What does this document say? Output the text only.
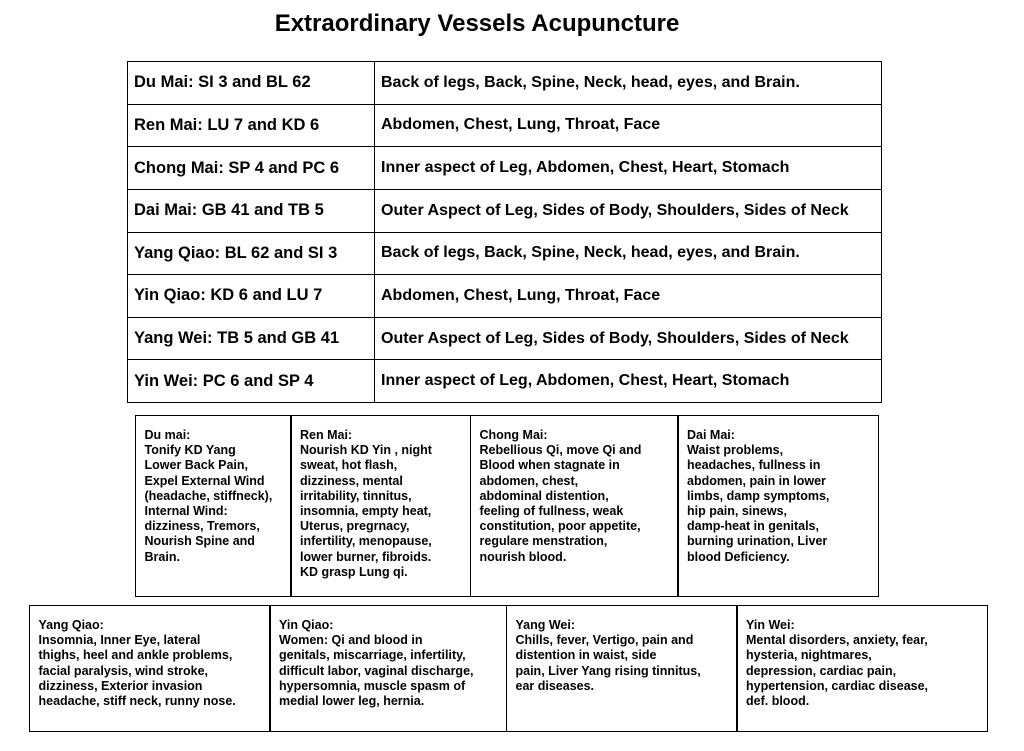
Extraordinary Vessels Acupuncture
Du Mai: SI 3 and BL 62	Back of legs, Back, Spine, Neck, head, eyes, and Brain.
Ren Mai: LU 7 and KD 6	Abdomen, Chest, Lung, Throat, Face
Chong Mai: SP 4 and PC 6	Inner aspect of Leg, Abdomen, Chest, Heart, Stomach
Dai Mai: GB 41 and TB 5	Outer Aspect of Leg, Sides of Body, Shoulders, Sides of Neck
Yang Qiao: BL 62 and SI 3	Back of legs, Back, Spine, Neck, head, eyes, and Brain.
Yin Qiao: KD 6 and LU 7	Abdomen, Chest, Lung, Throat, Face
Yang Wei: TB 5 and GB 41	Outer Aspect of Leg, Sides of Body, Shoulders, Sides of Neck
Yin Wei: PC 6 and SP 4	Inner aspect of Leg, Abdomen, Chest, Heart, Stomach
Du mai:
Tonify KD Yang
Lower Back Pain,
Expel External Wind
(headache, stiffneck),
Internal Wind:
dizziness, Tremors,
Nourish Spine and
Brain.
Ren Mai:
Nourish KD Yin , night
sweat, hot flash,
dizziness, mental
irritability, tinnitus,
insomnia, empty heat,
Uterus, pregrnacy,
infertility, menopause,
lower burner, fibroids.
KD grasp Lung qi.
Chong Mai:
Rebellious Qi, move Qi and
Blood when stagnate in
abdomen, chest,
abdominal distention,
feeling of fullness, weak
constitution, poor appetite,
regulare menstration,
nourish blood.
Dai Mai:
Waist problems,
headaches, fullness in
abdomen, pain in lower
limbs, damp symptoms,
hip pain, sinews,
damp-heat in genitals,
burning urination, Liver
blood Deficiency.
Yang Qiao:
Insomnia, Inner Eye, lateral
thighs, heel and ankle problems,
facial paralysis, wind stroke,
dizziness, Exterior invasion
headache, stiff neck, runny nose.
Yin Qiao:
Women: Qi and blood in
genitals, miscarriage, infertility,
difficult labor, vaginal discharge,
hypersomnia, muscle spasm of
medial lower leg, hernia.
Yang Wei:
Chills, fever, Vertigo, pain and
distention in waist, side
pain, Liver Yang rising tinnitus,
ear diseases.
Yin Wei:
Mental disorders, anxiety, fear,
hysteria, nightmares,
depression, cardiac pain,
hypertension, cardiac disease,
def. blood.
